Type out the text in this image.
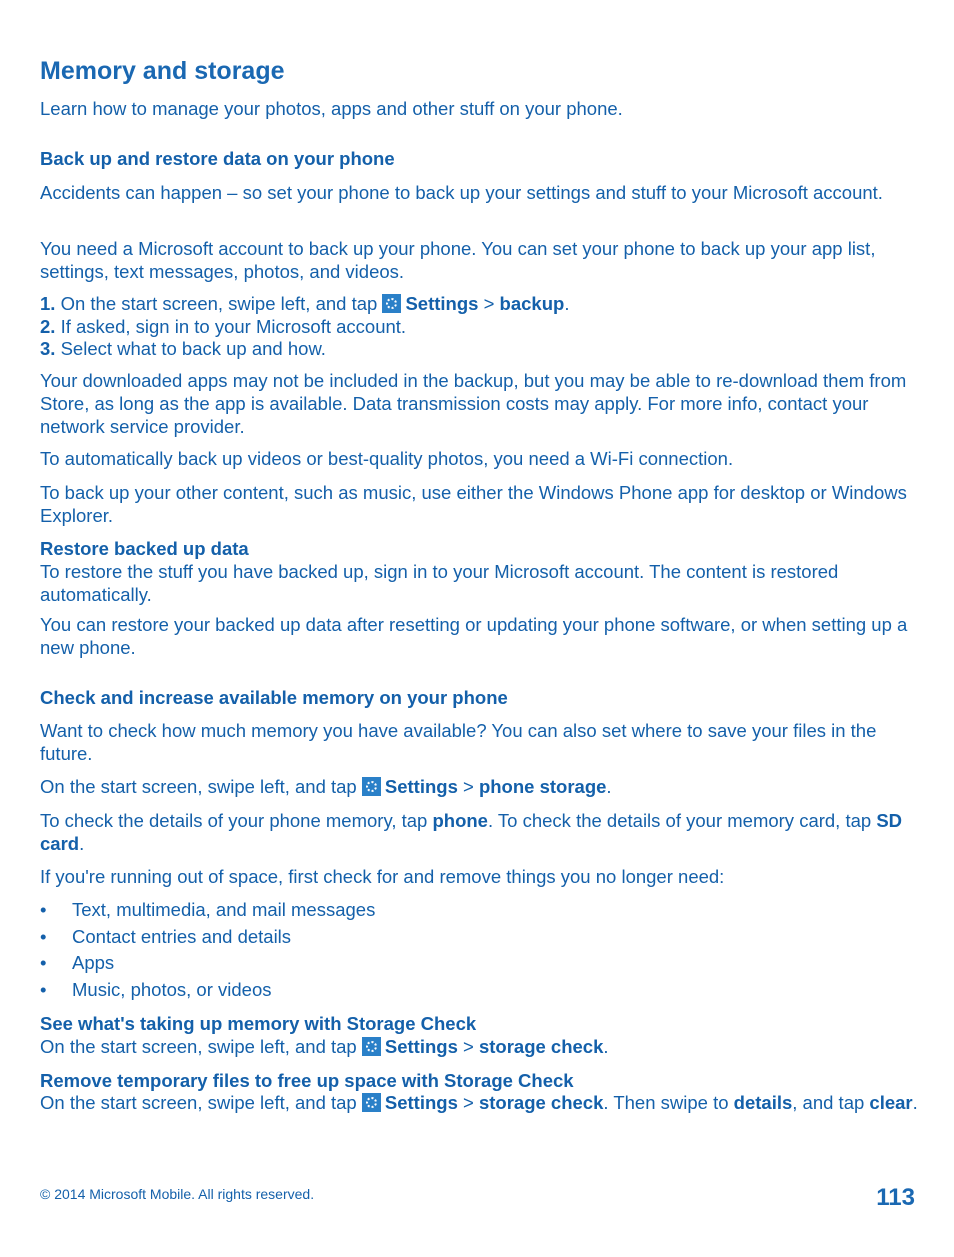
Memory and storage

Learn how to manage your photos, apps and other stuff on your phone.

Back up and restore data on your phone

Accidents can happen – so set your phone to back up your settings and stuff to your Microsoft account.

You need a Microsoft account to back up your phone. You can set your phone to back up your app list, settings, text messages, photos, and videos.

1. On the start screen, swipe left, and tap Settings > backup.
2. If asked, sign in to your Microsoft account.
3. Select what to back up and how.

Your downloaded apps may not be included in the backup, but you may be able to re-download them from Store, as long as the app is available. Data transmission costs may apply. For more info, contact your network service provider.

To automatically back up videos or best-quality photos, you need a Wi-Fi connection.

To back up your other content, such as music, use either the Windows Phone app for desktop or Windows Explorer.

Restore backed up data

To restore the stuff you have backed up, sign in to your Microsoft account. The content is restored automatically.

You can restore your backed up data after resetting or updating your phone software, or when setting up a new phone.

Check and increase available memory on your phone

Want to check how much memory you have available? You can also set where to save your files in the future.

On the start screen, swipe left, and tap Settings > phone storage.

To check the details of your phone memory, tap phone. To check the details of your memory card, tap SD card.

If you're running out of space, first check for and remove things you no longer need:

• Text, multimedia, and mail messages
• Contact entries and details
• Apps
• Music, photos, or videos
See what's taking up memory with Storage Check

On the start screen, swipe left, and tap Settings > storage check.

Remove temporary files to free up space with Storage Check

On the start screen, swipe left, and tap Settings > storage check. Then swipe to details, and tap clear.

© 2014 Microsoft Mobile. All rights reserved.	113
